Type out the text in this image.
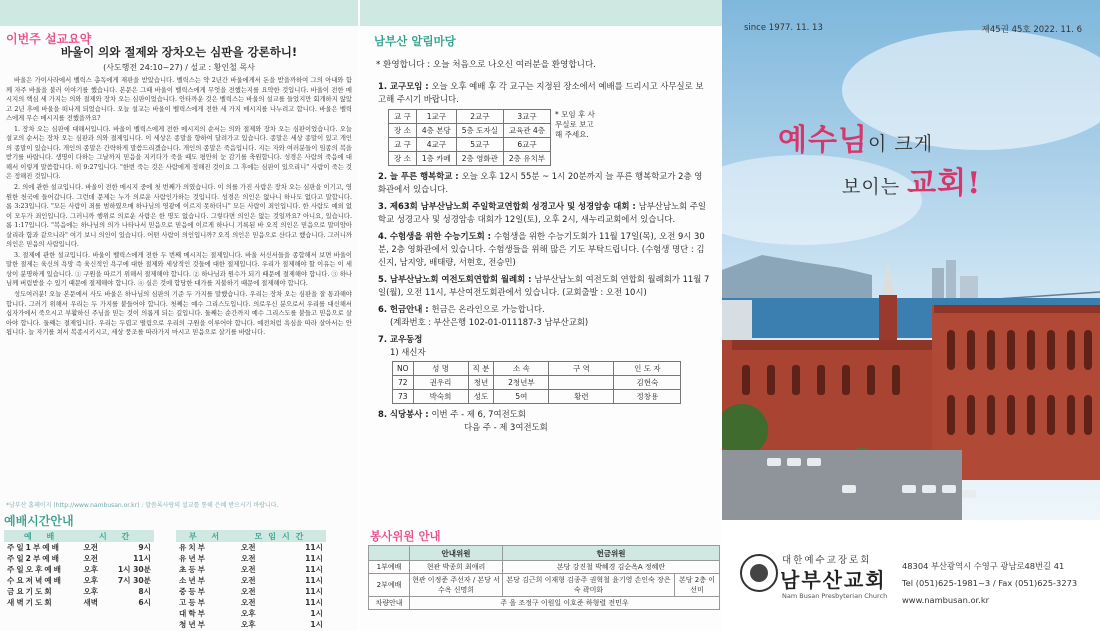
이번주 설교요약
바울이 의와 절제와 장차오는 심판을 강론하니!
(사도행전 24:10~27) / 설교 : 황인철 목사

바울은 가이사라에서 벨릭스 총독에게 재판을 받았습니다. 벨릭스는 약 2년간 바울에게서 돈을 받을까하여 그의 아내와 함께 자주 바울을 불러 이야기를 했습니다. 본문은 그때 바울이 벨릭스에게 무엇을 전했는지를 요약한 것입니다. 바울이 전한 메시지의 핵심 세 가지는 의와 절제와 장차 오는 심판이었습니다. 안타까운 것은 벨릭스는 바울의 설교를 들었지만 회개하지 않았고 2년 후에 바울을 떠나게 되었습니다. 오늘 설교는 바울이 벨릭스에게 전한 세 가지 메시지를 나누려고 합니다. 바울은 벨릭스에게 무슨 메시지를 전했을까요?

1. 장차 오는 심판에 대해서입니다. 바울이 벨릭스에게 전한 메시지의 순서는 의와 절제와 장차 오는 심판이었습니다. 오늘 설교의 순서는 장차 오는 심판과 의와 절제입니다. 이 세상은 종말을 향하여 달려가고 있습니다. 종말은 세상 종말이 있고 개인의 종말이 있습니다. 개인의 종말은 간략하게 말씀드리겠습니다. 개인의 종말은 죽음입니다. 지는 자와 여러분들이 임종의 복을 받기를 바랍니다. 생명이 다하는 그날까지 믿음을 지키다가 죽을 때도 평안히 눈 감기를 축원합니다. 성경은 사람의 죽음에 대해서 이렇게 말씀합니다. 히 9:27입니다. "한번 죽는 것은 사람에게 정해진 것이요 그 후에는 심판이 있으리니" 사람이 죽는 것은 정해진 것입니다.

2. 의에 관한 설교입니다. 바울이 전한 메시지 중에 첫 번째가 의였습니다. 이 의를 가진 사람은 장차 오는 심판을 이기고, 영원한 천국에 들어갑니다. 그런데 문제는 누가 의로운 사람인가하는 것입니다. 성경은 의인은 없나니 하나도 없다고 말합니다. 롬 3:23입니다. "모든 사람이 죄를 범하였으매 하나님의 영광에 이르지 못하더니" 모든 사람이 죄인입니다. 한 사람도 예외 없이 모두가 죄인입니다. 그러니까 행위로 의로운 사람은 한 명도 없습니다. 그렇다면 의인은 없는 것일까요? 아니요, 있습니다. 롬 1:17입니다. "복음에는 하나님의 의가 나타나서 믿음으로 믿음에 이르게 하나니 기록된 바 오직 의인은 믿음으로 말미암아 살리라 함과 같으니라" 여기 보니 의인이 있습니다. 어떤 사람이 의인입니까? 오직 의인은 믿음으로 산다고 했습니다. 그러니까 의인은 믿음의 사람입니다.

3. 절제에 관한 설교입니다. 바울이 벨릭스에게 전한 두 번째 메시지는 절제입니다. 바울 서신서들을 종합해서 보면 바울이 말한 절제는 육신의 욕망 즉 육신적인 욕구에 대한 절제와 세상적인 것들에 대한 절제입니다. 우리가 절제해야 할 이유는 이 세상이 분명하게 있습니다. ① 구원을 따르기 위해서 절제해야 합니다. ② 하나님과 원수가 되기 때문에 절제해야 합니다. ③ 하나님께 버림받을 수 있기 때문에 절제해야 합니다. ④ 실은 것에 합당한 대가를 지불하기 때문에 절제해야 합니다.

성도여러분! 오늘 본문에서 사도 바울은 하나님의 심판의 기준 두 가지를 말했습니다. 우리는 장차 오는 심판을 잘 통과해야 합니다. 그러기 위해서 우리는 두 가지를 붙들어야 합니다. 첫째는 예수 그리스도입니다. 의로우신 분으로서 우리를 대신해서 십자가에서 죽으시고 부활하신 주님을 믿는 것이 의롭게 되는 길입니다. 둘째는 순간까지 예수 그리스도를 붙들고 믿음으로 살아야 합니다. 둘째는 절제입니다. 우리는 두렵고 떨림으로 우리의 구원을 이루어야 합니다. 예전처럼 욕심을 따라 살아서는 안 됩니다. 늘 자기를 쳐서 복종시키시고, 세상 풍조를 따라가지 마시고 믿음으로 살기를 바랍니다.

*남부산 홈페이지 (http://www.nambusan.or.kr) : 말씀록사랑의 설교를 통해 은혜 받으시기 바랍니다.
예배시간안내
예 배	시 간	
주일1부예배	오전	9시
주일2부예배	오전	11시
주일오후예배	오후	1시 30분
수요저녁예배	오후	7시 30분
금요기도회	오후	8시
새벽기도회	새벽	6시
부 서	모임시간	
유치부	오전	11시
유년부	오전	11시
초등부	오전	11시
소년부	오전	11시
중등부	오전	11시
고등부	오전	11시
대학부	오후	1시
청년부	오후	1시
남부산 알림마당
* 환영합니다 : 오늘 처음으로 나오신 여러분을 환영합니다.
1. 교구모임 : 오늘 오후 예배 후 각 교구는 지정된 장소에서 예배를 드리시고 사무실로 보고해 주시기 바랍니다.
교 구	1교구	2교구	3교구	* 모임 후 사무실로 보고해 주세요.
장 소	4층 본당	5층 도자실	교육관 4층	
교 구	4교구	5교구	6교구	
장 소	1층 카페	2층 영화관	2층 유치부	
2. 늘 푸른 행복학교 : 오늘 오후 12시 55분 ~ 1시 20분까지 늘 푸른 행복학교가 2층 영화관에서 있습니다.
3. 제63회 남부산남노회 주일학교연합회 성경고사 및 성경암송 대회 : 남부산남노회 주일학교 성경고사 및 성경암송 대회가 12일(토), 오후 2시, 새누리교회에서 있습니다.
4. 수험생을 위한 수능기도회 : 수험생을 위한 수능기도회가 11월 17일(목), 오전 9시 30분, 2층 영화관에서 있습니다. 수험생들을 위해 많은 기도 부탁드립니다. (수험생 명단 : 김신지, 남지양, 배태량, 서현호, 전승민)
5. 남부산남노회 여전도회연합회 월례회 : 남부산남노회 여전도회 연합회 월례회가 11월 7일(월), 오전 11시, 부산여전도회관에서 있습니다. (교회출발 : 오전 10시)
6. 헌금안내 : 헌금은 온라인으로 가능합니다.
(계좌번호 : 부산은행 102-01-011187-3 남부산교회)
7. 교우동정
1) 새신자
NO	성 명	직 분	소 속	구 역	인 도 자
72	권우리	청년	2청년부		김현숙
73	박숙희	성도	5여	황련	정창용
8. 식당봉사 : 이번 주 - 제 6, 7여전도회
다음 주 - 제 3여전도회
봉사위원 안내
	안내위원	헌금위원	
1부예배	현관 박종희 최애리	본당 강진철 박혜경 김순옥A 정혜란	
2부예배	현관 이정준 주선자 / 본당 서수옥 신명희	본당 김근희 이재형 김종주 권혁철 윤기영 손인숙 장은숙 곽미화	본당 2층 이선미
차량안내	주 을 조정구 이원일 이호준 하형렬 전민우		
since 1977. 11. 13	제45권 45호 2022. 11. 6
예수님이 크게
보이는 교회!
대한예수교장로회
남부산교회
Nam Busan Presbyterian Church
48304 부산광역시 수영구 광남로48번길 41
Tel (051)625-1981~3 / Fax (051)625-3273
www.nambusan.or.kr
